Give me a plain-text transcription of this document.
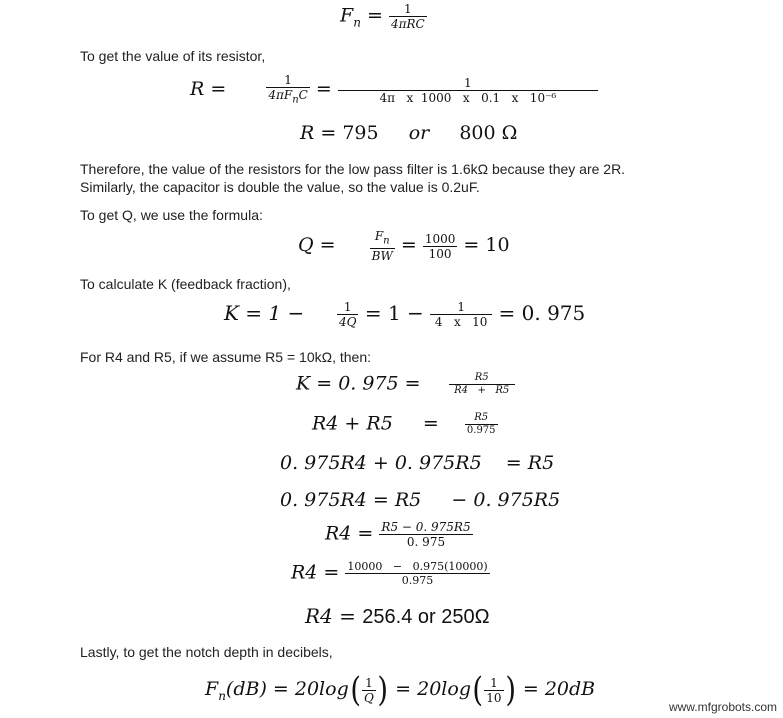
$F_n = \frac{1}{\text{4πRC}}$
To get the value of its resistor,
R =	$\frac{1}{4\pi F_nC} = \frac{1}{\text{4π   x  1000   x   0.1   x   10⁻⁶}}$
R = 795 or 800 Ω
Therefore, the value of the resistors for the low pass filter is 1.6kΩ because they are 2R.
Similarly, the capacitor is double the value, so the value is 0.2uF.
To get Q, we use the formula:
Q =	$\frac{F_n}{BW} = \frac{1000}{100} = 10$
To calculate K (feedback fraction),
K = 1 −	$\frac{1}{4Q} = 1 - \frac{1}{4 x 10} = 0$. 975
For R4 and R5, if we assume R5 = 10kΩ, then:
K = 0. 975 =	$\frac{R5}{R4 + R5}$
R4 + R5 =	$\frac{R5}{0.975}$
0. 975R4 + 0. 975R5    = R5
0. 975R4 = R5     − 0. 975R5
$R4 = \frac{R5 - 0. 975R5}{0. 975}$
$R4 = \frac{10000 - 0.975(10000)}{0.975}$
R4 = 256.4 or 250Ω
Lastly, to get the notch depth in decibels,
$F_n(dB) = 20\log( \frac{1}{Q}$ ) = $20\log( \frac{1}{10}$ ) = 20dB
www.mfgrobots.com
